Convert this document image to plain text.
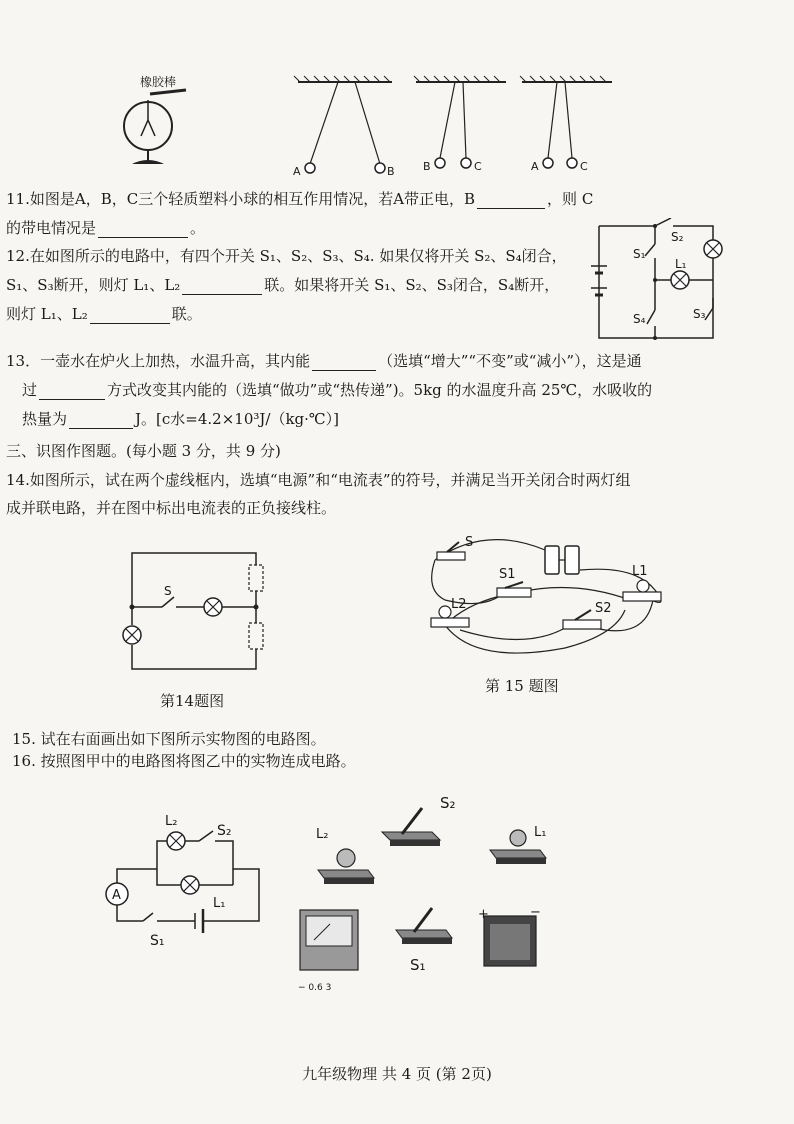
橡胶棒
A	B	B	C	A	C
11.如图是A，B，C三个轻质塑料小球的相互作用情况，若A带正电，B	，则 C
的带电情况是	。
12.在如图所示的电路中，有四个开关 S₁、S₂、S₃、S₄. 如果仅将开关 S₂、S₄闭合，
S₁、S₃断开，则灯 L₁、L₂	联。如果将开关 S₁、S₂、S₃闭合，S₄断开，
则灯 L₁、L₂	联。
S₂
S₁
L₁
S₄	S₃
13．一壶水在炉火上加热，水温升高，其内能	（选填“增大”“不变”或“减小”），这是通
过	方式改变其内能的（选填“做功”或“热传递”)。5kg 的水温度升高 25℃，水吸收的
热量为	J。[c水=4.2×10³J/（kg·℃）]
三、识图作图题。(每小题 3 分，共 9 分)
14.如图所示，试在两个虚线框内，选填“电源”和“电流表”的符号，并满足当开关闭合时两灯组
成并联电路，并在图中标出电流表的正负接线柱。
S
第14题图
S
S1	L1
L2	S2
第 15 题图
15. 试在右面画出如下图所示实物图的电路图。
16. 按照图甲中的电路图将图乙中的实物连成电路。
A
L₂
S₂
L₁
S₁
S₂
L₂	L₁
− 0.6 3
S₁
+	−
九年级物理 共 4 页 (第 2页)
